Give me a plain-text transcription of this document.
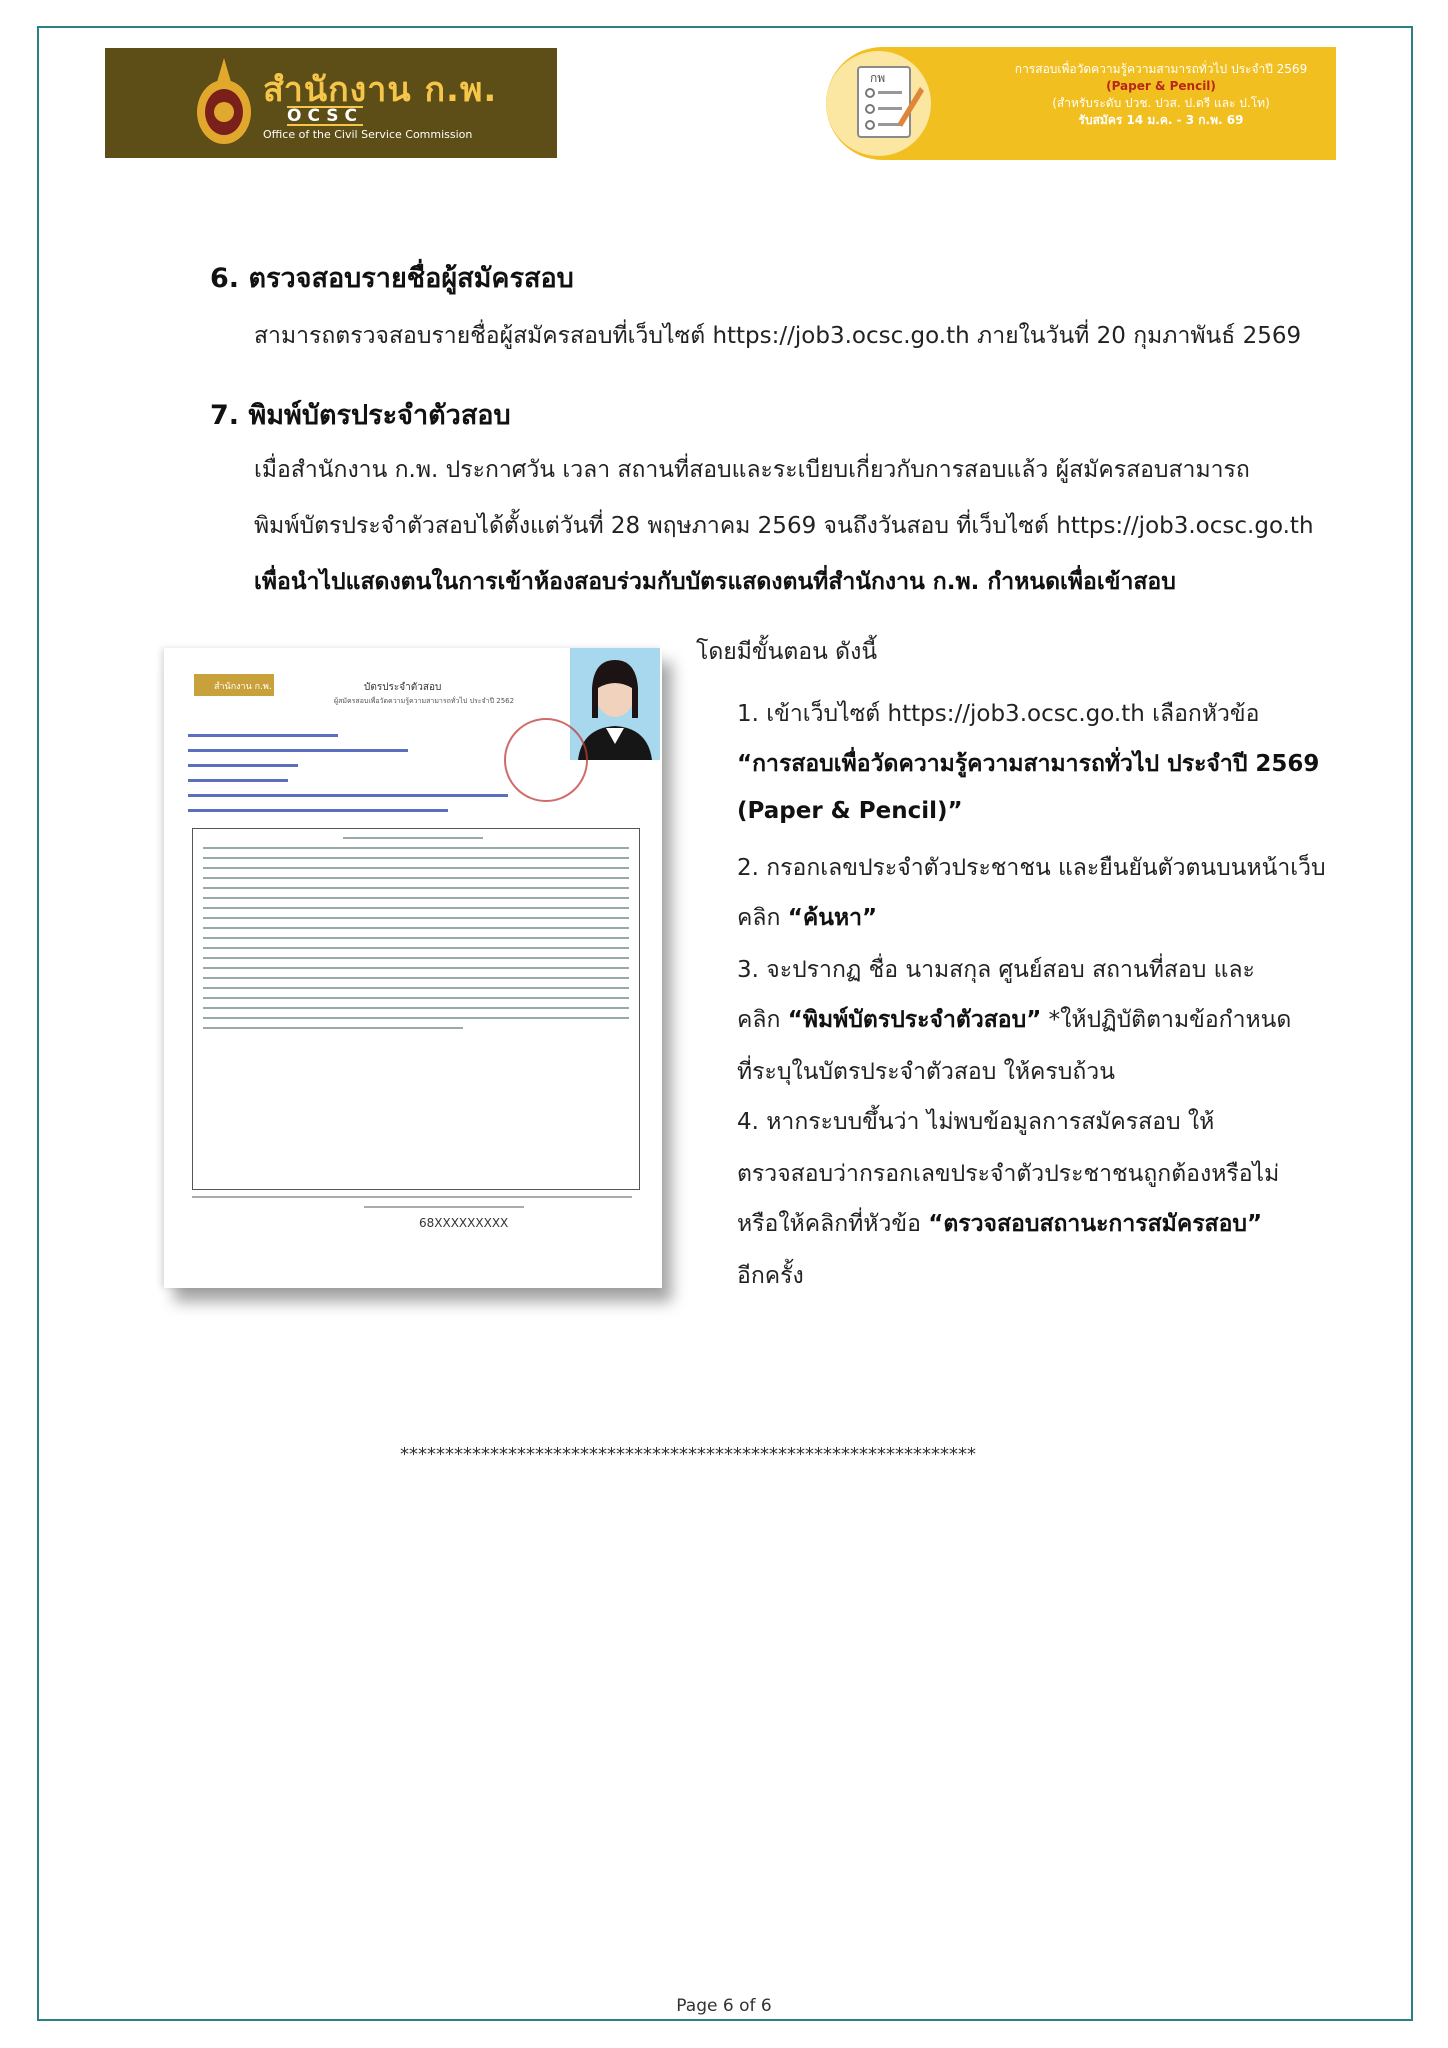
สำนักงาน ก.พ.
OCSC
Office of the Civil Service Commission
กพ
การสอบเพื่อวัดความรู้ความสามารถทั่วไป ประจำปี 2569
(Paper & Pencil)
(สำหรับระดับ ปวช. ปวส. ป.ตรี และ ป.โท)
รับสมัคร 14 ม.ค. - 3 ก.พ. 69
6. ตรวจสอบรายชื่อผู้สมัครสอบ
สามารถตรวจสอบรายชื่อผู้สมัครสอบที่เว็บไซต์ https://job3.ocsc.go.th ภายในวันที่ 20 กุมภาพันธ์ 2569
7. พิมพ์บัตรประจำตัวสอบ
เมื่อสำนักงาน ก.พ. ประกาศวัน เวลา สถานที่สอบและระเบียบเกี่ยวกับการสอบแล้ว ผู้สมัครสอบสามารถ
พิมพ์บัตรประจำตัวสอบได้ตั้งแต่วันที่ 28 พฤษภาคม 2569 จนถึงวันสอบ ที่เว็บไซต์ https://job3.ocsc.go.th
เพื่อนำไปแสดงตนในการเข้าห้องสอบร่วมกับบัตรแสดงตนที่สำนักงาน ก.พ. กำหนดเพื่อเข้าสอบ
สำนักงาน ก.พ.	บัตรประจำตัวสอบ
ผู้สมัครสอบเพื่อวัดความรู้ความสามารถทั่วไป ประจำปี 2562
68XXXXXXXXX
โดยมีขั้นตอน ดังนี้
1. เข้าเว็บไซต์ https://job3.ocsc.go.th เลือกหัวข้อ
“การสอบเพื่อวัดความรู้ความสามารถทั่วไป ประจำปี 2569
(Paper & Pencil)”
2. กรอกเลขประจำตัวประชาชน และยืนยันตัวตนบนหน้าเว็บ
คลิก “ค้นหา”
3. จะปรากฏ ชื่อ นามสกุล ศูนย์สอบ สถานที่สอบ และ
คลิก “พิมพ์บัตรประจำตัวสอบ” *ให้ปฏิบัติตามข้อกำหนด
ที่ระบุในบัตรประจำตัวสอบ ให้ครบถ้วน
4. หากระบบขึ้นว่า ไม่พบข้อมูลการสมัครสอบ ให้
ตรวจสอบว่ากรอกเลขประจำตัวประชาชนถูกต้องหรือไม่
หรือให้คลิกที่หัวข้อ “ตรวจสอบสถานะการสมัครสอบ”
อีกครั้ง
****************************************************************
Page 6 of 6
